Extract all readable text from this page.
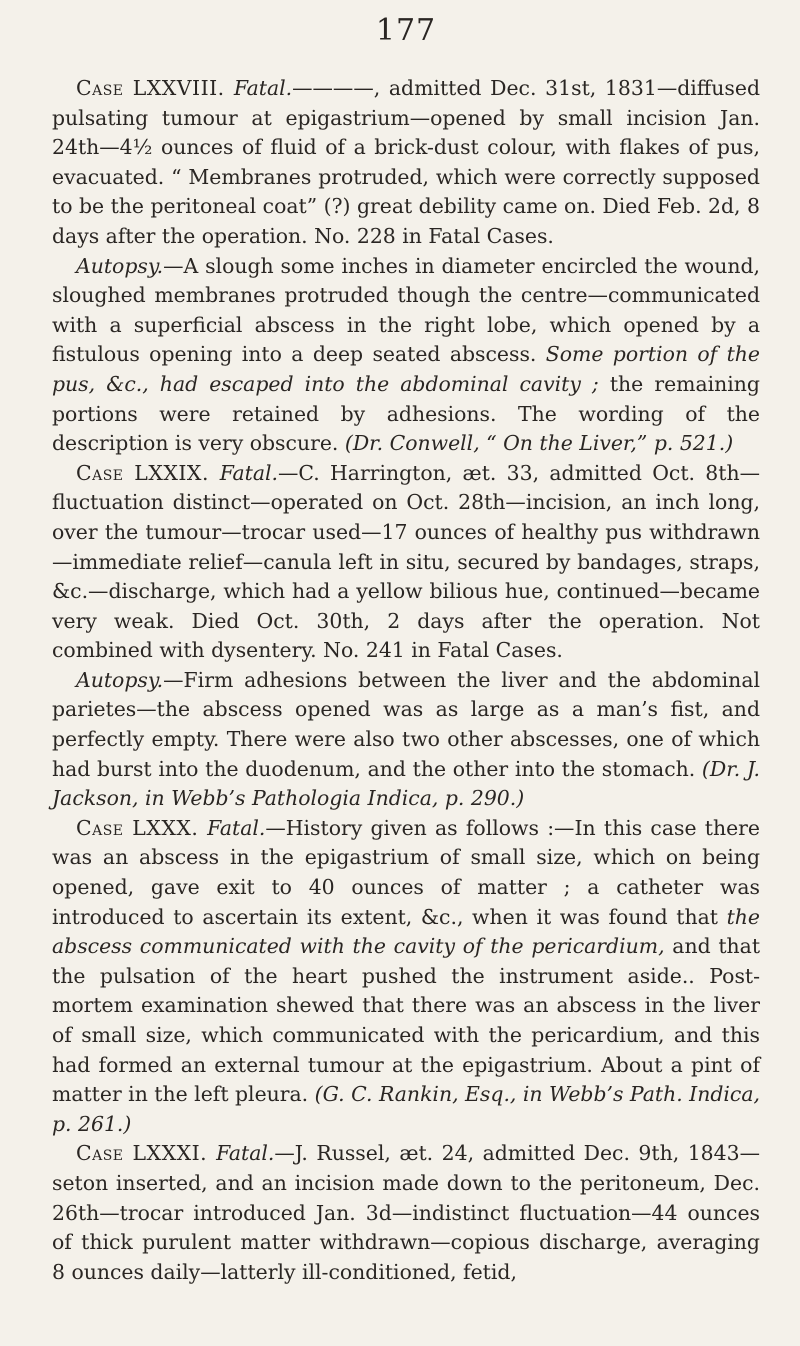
177

Case LXXVIII. Fatal.————, admitted Dec. 31st, 1831—diffused pulsating tumour at epigastrium—opened by small incision Jan. 24th—4½ ounces of fluid of a brick-dust colour, with flakes of pus, evacuated. “ Membranes protruded, which were correctly supposed to be the peritoneal coat” (?) great debility came on. Died Feb. 2d, 8 days after the operation. No. 228 in Fatal Cases.

Autopsy.—A slough some inches in diameter encircled the wound, sloughed membranes protruded though the centre—communicated with a superficial abscess in the right lobe, which opened by a fistulous opening into a deep seated abscess. Some portion of the pus, &c., had escaped into the abdominal cavity ; the remaining portions were retained by adhesions. The wording of the description is very obscure. (Dr. Conwell, “ On the Liver,” p. 521.)

Case LXXIX. Fatal.—C. Harrington, æt. 33, admitted Oct. 8th—fluctuation distinct—operated on Oct. 28th—incision, an inch long, over the tumour—trocar used—17 ounces of healthy pus withdrawn—immediate relief—canula left in situ, secured by bandages, straps, &c.—discharge, which had a yellow bilious hue, continued—became very weak. Died Oct. 30th, 2 days after the operation. Not combined with dysentery. No. 241 in Fatal Cases.

Autopsy.—Firm adhesions between the liver and the abdominal parietes—the abscess opened was as large as a man’s fist, and perfectly empty. There were also two other abscesses, one of which had burst into the duodenum, and the other into the stomach. (Dr. J. Jackson, in Webb’s Pathologia Indica, p. 290.)

Case LXXX. Fatal.—History given as follows :—In this case there was an abscess in the epigastrium of small size, which on being opened, gave exit to 40 ounces of matter ; a catheter was introduced to ascertain its extent, &c., when it was found that the abscess communicated with the cavity of the pericardium, and that the pulsation of the heart pushed the instrument aside.. Post-mortem examination shewed that there was an abscess in the liver of small size, which communicated with the pericardium, and this had formed an external tumour at the epigastrium. About a pint of matter in the left pleura. (G. C. Rankin, Esq., in Webb’s Path. Indica, p. 261.)

Case LXXXI. Fatal.—J. Russel, æt. 24, admitted Dec. 9th, 1843—seton inserted, and an incision made down to the peritoneum, Dec. 26th—trocar introduced Jan. 3d—indistinct fluctuation—44 ounces of thick purulent matter withdrawn—copious discharge, averaging 8 ounces daily—latterly ill-conditioned, fetid,
